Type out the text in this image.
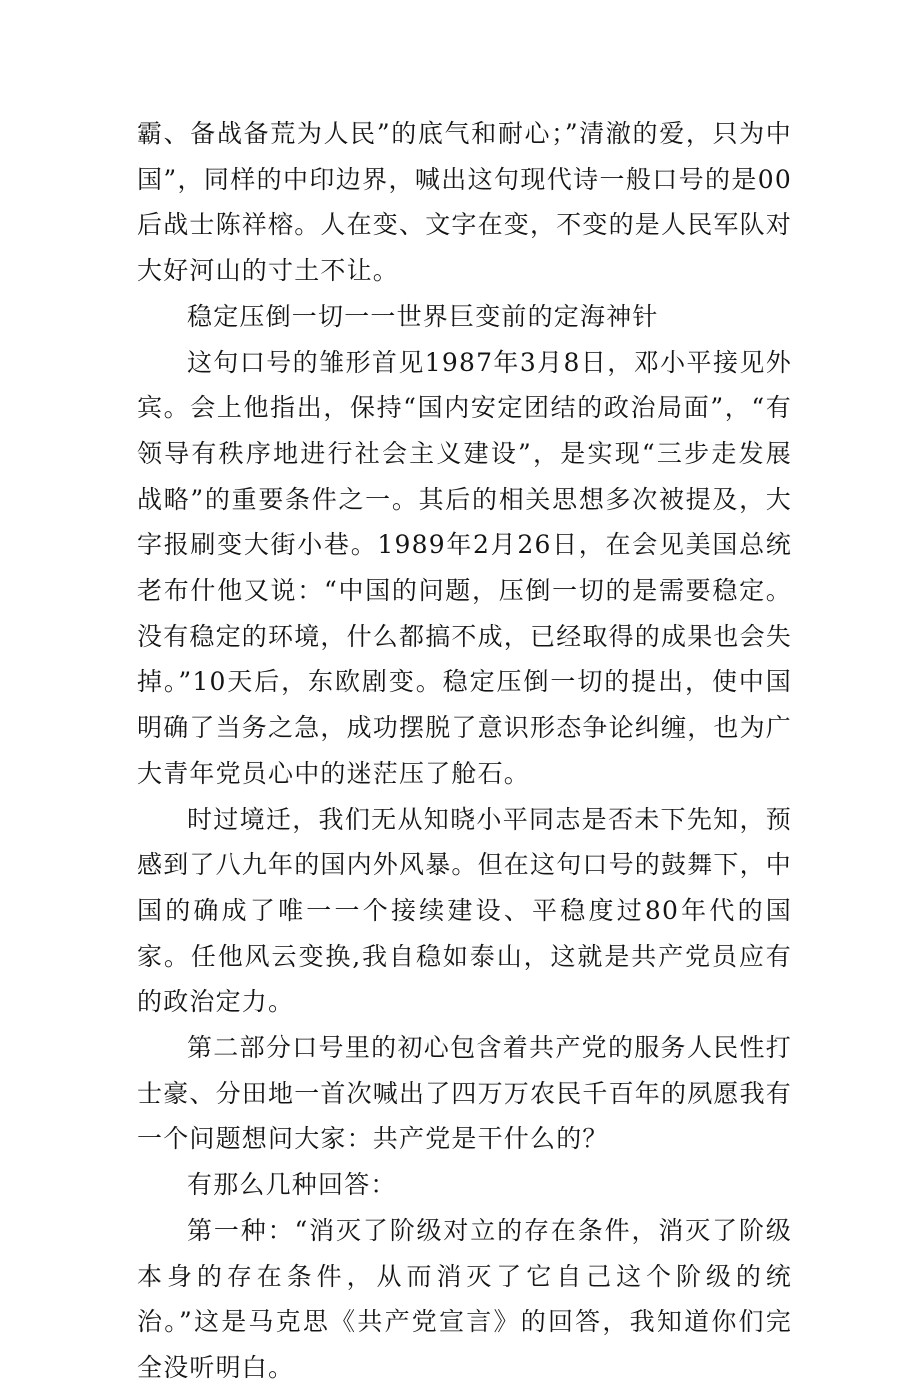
霸、备战备荒为人民”的底气和耐心；”清澈的爱，只为中国”，同样的中印边界，喊出这句现代诗一般口号的是00后战士陈祥榕。人在变、文字在变，不变的是人民军队对大好河山的寸土不让。

稳定压倒一切一一世界巨变前的定海神针

这句口号的雏形首见1987年3月8日，邓小平接见外宾。会上他指出，保持“国内安定团结的政治局面”，“有领导有秩序地进行社会主义建设”，是实现“三步走发展战略”的重要条件之一。其后的相关思想多次被提及，大字报刷变大街小巷。1989年2月26日，在会见美国总统老布什他又说：“中国的问题，压倒一切的是需要稳定。没有稳定的环境，什么都搞不成，已经取得的成果也会失掉。”10天后，东欧剧变。稳定压倒一切的提出，使中国明确了当务之急，成功摆脱了意识形态争论纠缠，也为广大青年党员心中的迷茫压了舱石。

时过境迁，我们无从知晓小平同志是否未下先知，预感到了八九年的国内外风暴。但在这句口号的鼓舞下，中国的确成了唯一一个接续建设、平稳度过80年代的国家。任他风云变换,我自稳如泰山，这就是共产党员应有的政治定力。

第二部分口号里的初心包含着共产党的服务人民性打士豪、分田地一首次喊出了四万万农民千百年的夙愿我有一个问题想问大家：共产党是干什么的？

有那么几种回答：

第一种：“消灭了阶级对立的存在条件，消灭了阶级本身的存在条件，从而消灭了它自己这个阶级的统治。”这是马克思《共产党宣言》的回答，我知道你们完全没听明白。
